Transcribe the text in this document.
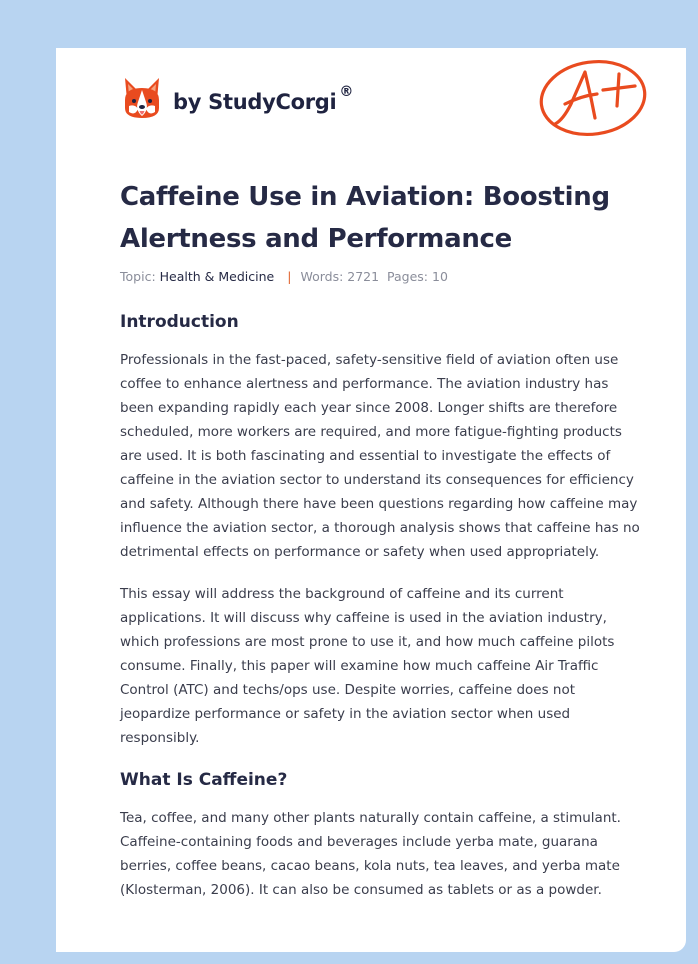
by StudyCorgi ®
Caffeine Use in Aviation: Boosting Alertness and Performance
Topic: Health & Medicine | Words: 2721 Pages: 10
Introduction

Professionals in the fast-paced, safety-sensitive field of aviation often use coffee to enhance alertness and performance. The aviation industry has been expanding rapidly each year since 2008. Longer shifts are therefore scheduled, more workers are required, and more fatigue-fighting products are used. It is both fascinating and essential to investigate the effects of caffeine in the aviation sector to understand its consequences for efficiency and safety. Although there have been questions regarding how caffeine may influence the aviation sector, a thorough analysis shows that caffeine has no detrimental effects on performance or safety when used appropriately.

This essay will address the background of caffeine and its current applications. It will discuss why caffeine is used in the aviation industry, which professions are most prone to use it, and how much caffeine pilots consume. Finally, this paper will examine how much caffeine Air Traffic Control (ATC) and techs/ops use. Despite worries, caffeine does not jeopardize performance or safety in the aviation sector when used responsibly.

What Is Caffeine?

Tea, coffee, and many other plants naturally contain caffeine, a stimulant. Caffeine-containing foods and beverages include yerba mate, guarana berries, coffee beans, cacao beans, kola nuts, tea leaves, and yerba mate (Klosterman, 2006). It can also be consumed as tablets or as a powder.
